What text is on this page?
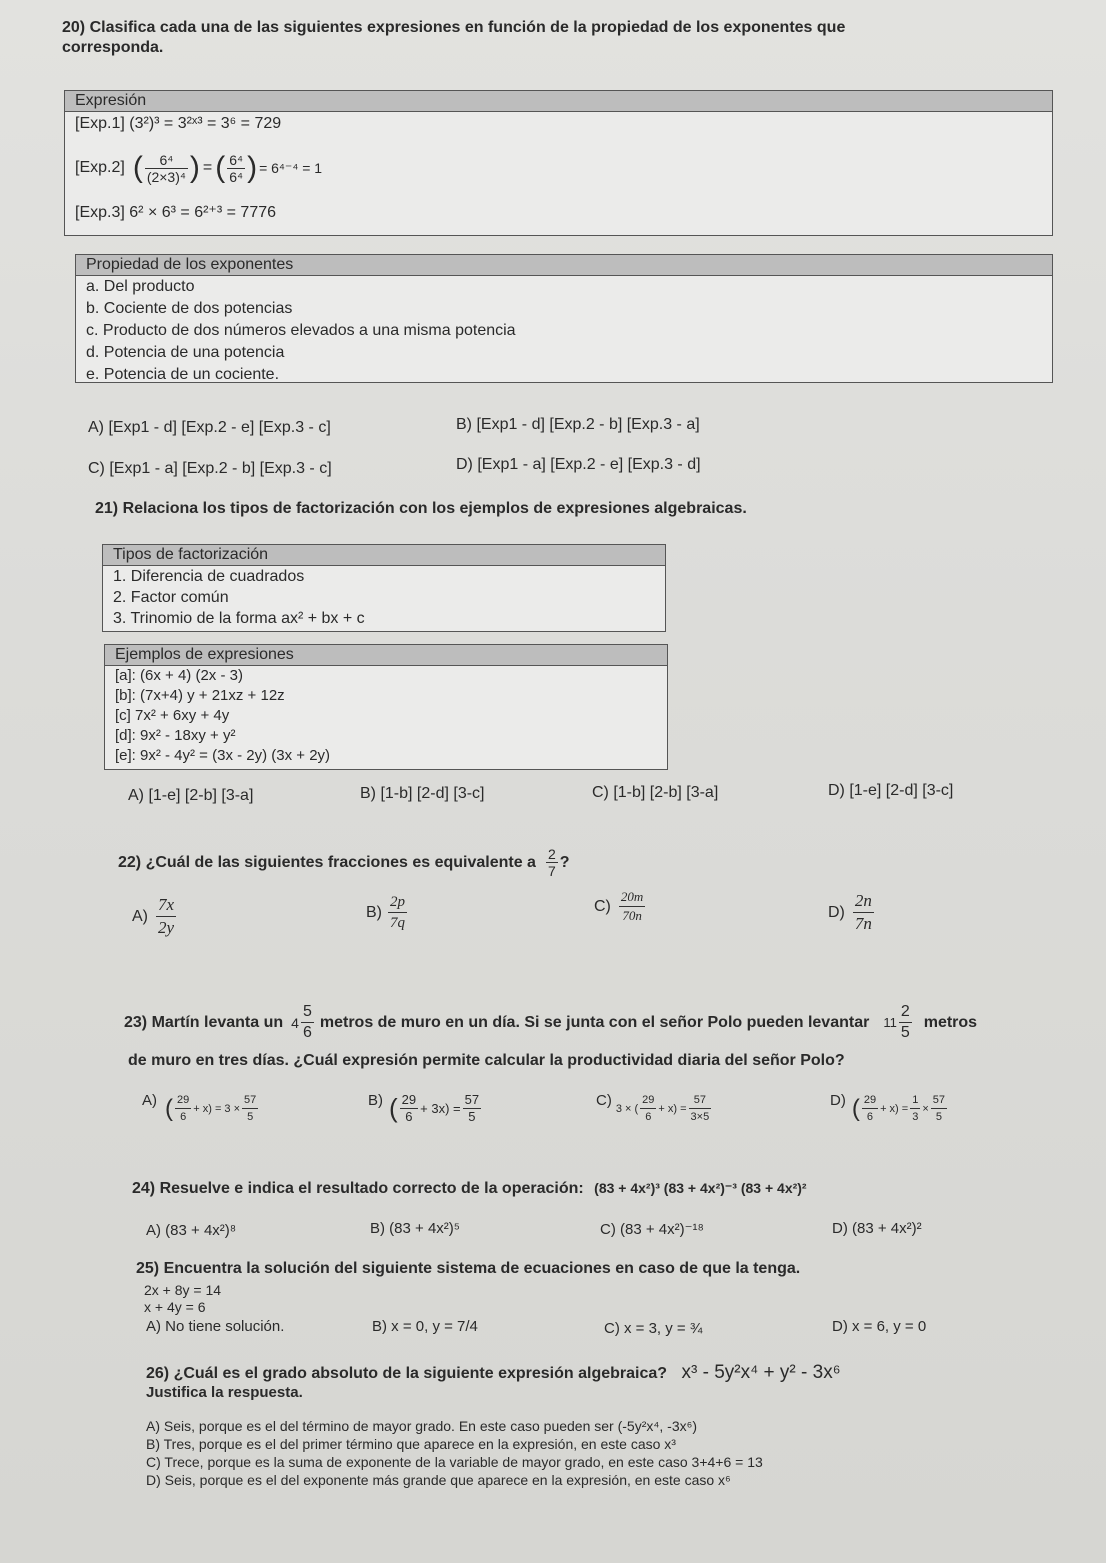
20) Clasifica cada una de las siguientes expresiones en función de la propiedad de los exponentes que
corresponda.
Expresión
[Exp.1] (3²)³ = 3²ˣ³ = 3⁶ = 729
[Exp.2] ( $\frac{\text{6⁴}}{\text{(2×3)⁴}}$ ) = ( $\frac{\text{6⁴}}{\text{6⁴}}$ ) = 6⁴⁻⁴ = 1
[Exp.3] 6² × 6³ = 6²⁺³ = 7776
Propiedad de los exponentes
a. Del producto
b. Cociente de dos potencias
c. Producto de dos números elevados a una misma potencia
d. Potencia de una potencia
e. Potencia de un cociente.
A) [Exp1 - d] [Exp.2 - e] [Exp.3 - c]	B) [Exp1 - d] [Exp.2 - b] [Exp.3 - a]
C) [Exp1 - a] [Exp.2 - b] [Exp.3 - c]	D) [Exp1 - a] [Exp.2 - e] [Exp.3 - d]
21) Relaciona los tipos de factorización con los ejemplos de expresiones algebraicas.
Tipos de factorización
1. Diferencia de cuadrados
2. Factor común
3. Trinomio de la forma ax² + bx + c
Ejemplos de expresiones
[a]: (6x + 4) (2x - 3)
[b]: (7x+4) y + 21xz + 12z
[c] 7x² + 6xy + 4y
[d]: 9x² - 18xy + y²
[e]: 9x² - 4y² = (3x - 2y) (3x + 2y)
A) [1-e] [2-b] [3-a]	B) [1-b] [2-d] [3-c]	C) [1-b] [2-b] [3-a]	D) [1-e] [2-d] [3-c]
22) ¿Cuál de las siguientes fracciones es equivalente a $\frac{2}{7}$ ?
$A) \frac{7x}{2y}$	$B) \frac{2p}{7q}$	$C) \frac{20m}{70n}$	$D) \frac{2n}{7n}$
23) Martín levanta un $4 \frac{5}{6}$ metros de muro en un día. Si se junta con el señor Polo pueden levantar $11 \frac{2}{5}$ metros
de muro en tres días. ¿Cuál expresión permite calcular la productividad diaria del señor Polo?
A) ( $\frac{29}{6} + x) = 3 \times \frac{57}{5}$	B) ( $\frac{29}{6} + 3x) = \frac{57}{5}$	C) 3 × ( $\frac{29}{6} + x) = \frac{57}{3\times 5}$	D) ( $\frac{29}{6} + x) = \frac{1}{3} \times \frac{57}{5}$
24) Resuelve e indica el resultado correcto de la operación: (83 + 4x²)³ (83 + 4x²)⁻³ (83 + 4x²)²
A) (83 + 4x²)⁸	B) (83 + 4x²)⁵	C) (83 + 4x²)⁻¹⁸	D) (83 + 4x²)²
25) Encuentra la solución del siguiente sistema de ecuaciones en caso de que la tenga.
2x + 8y = 14
x + 4y = 6
A) No tiene solución.	B) x = 0, y = 7/4	C) x = 3, y = ¾	D) x = 6, y = 0
26) ¿Cuál es el grado absoluto de la siguiente expresión algebraica? x³ - 5y²x⁴ + y² - 3x⁶
Justifica la respuesta.
A) Seis, porque es el del término de mayor grado. En este caso pueden ser (-5y²x⁴, -3x⁶)
B) Tres, porque es el del primer término que aparece en la expresión, en este caso x³
C) Trece, porque es la suma de exponente de la variable de mayor grado, en este caso 3+4+6 = 13
D) Seis, porque es el del exponente más grande que aparece en la expresión, en este caso x⁶
